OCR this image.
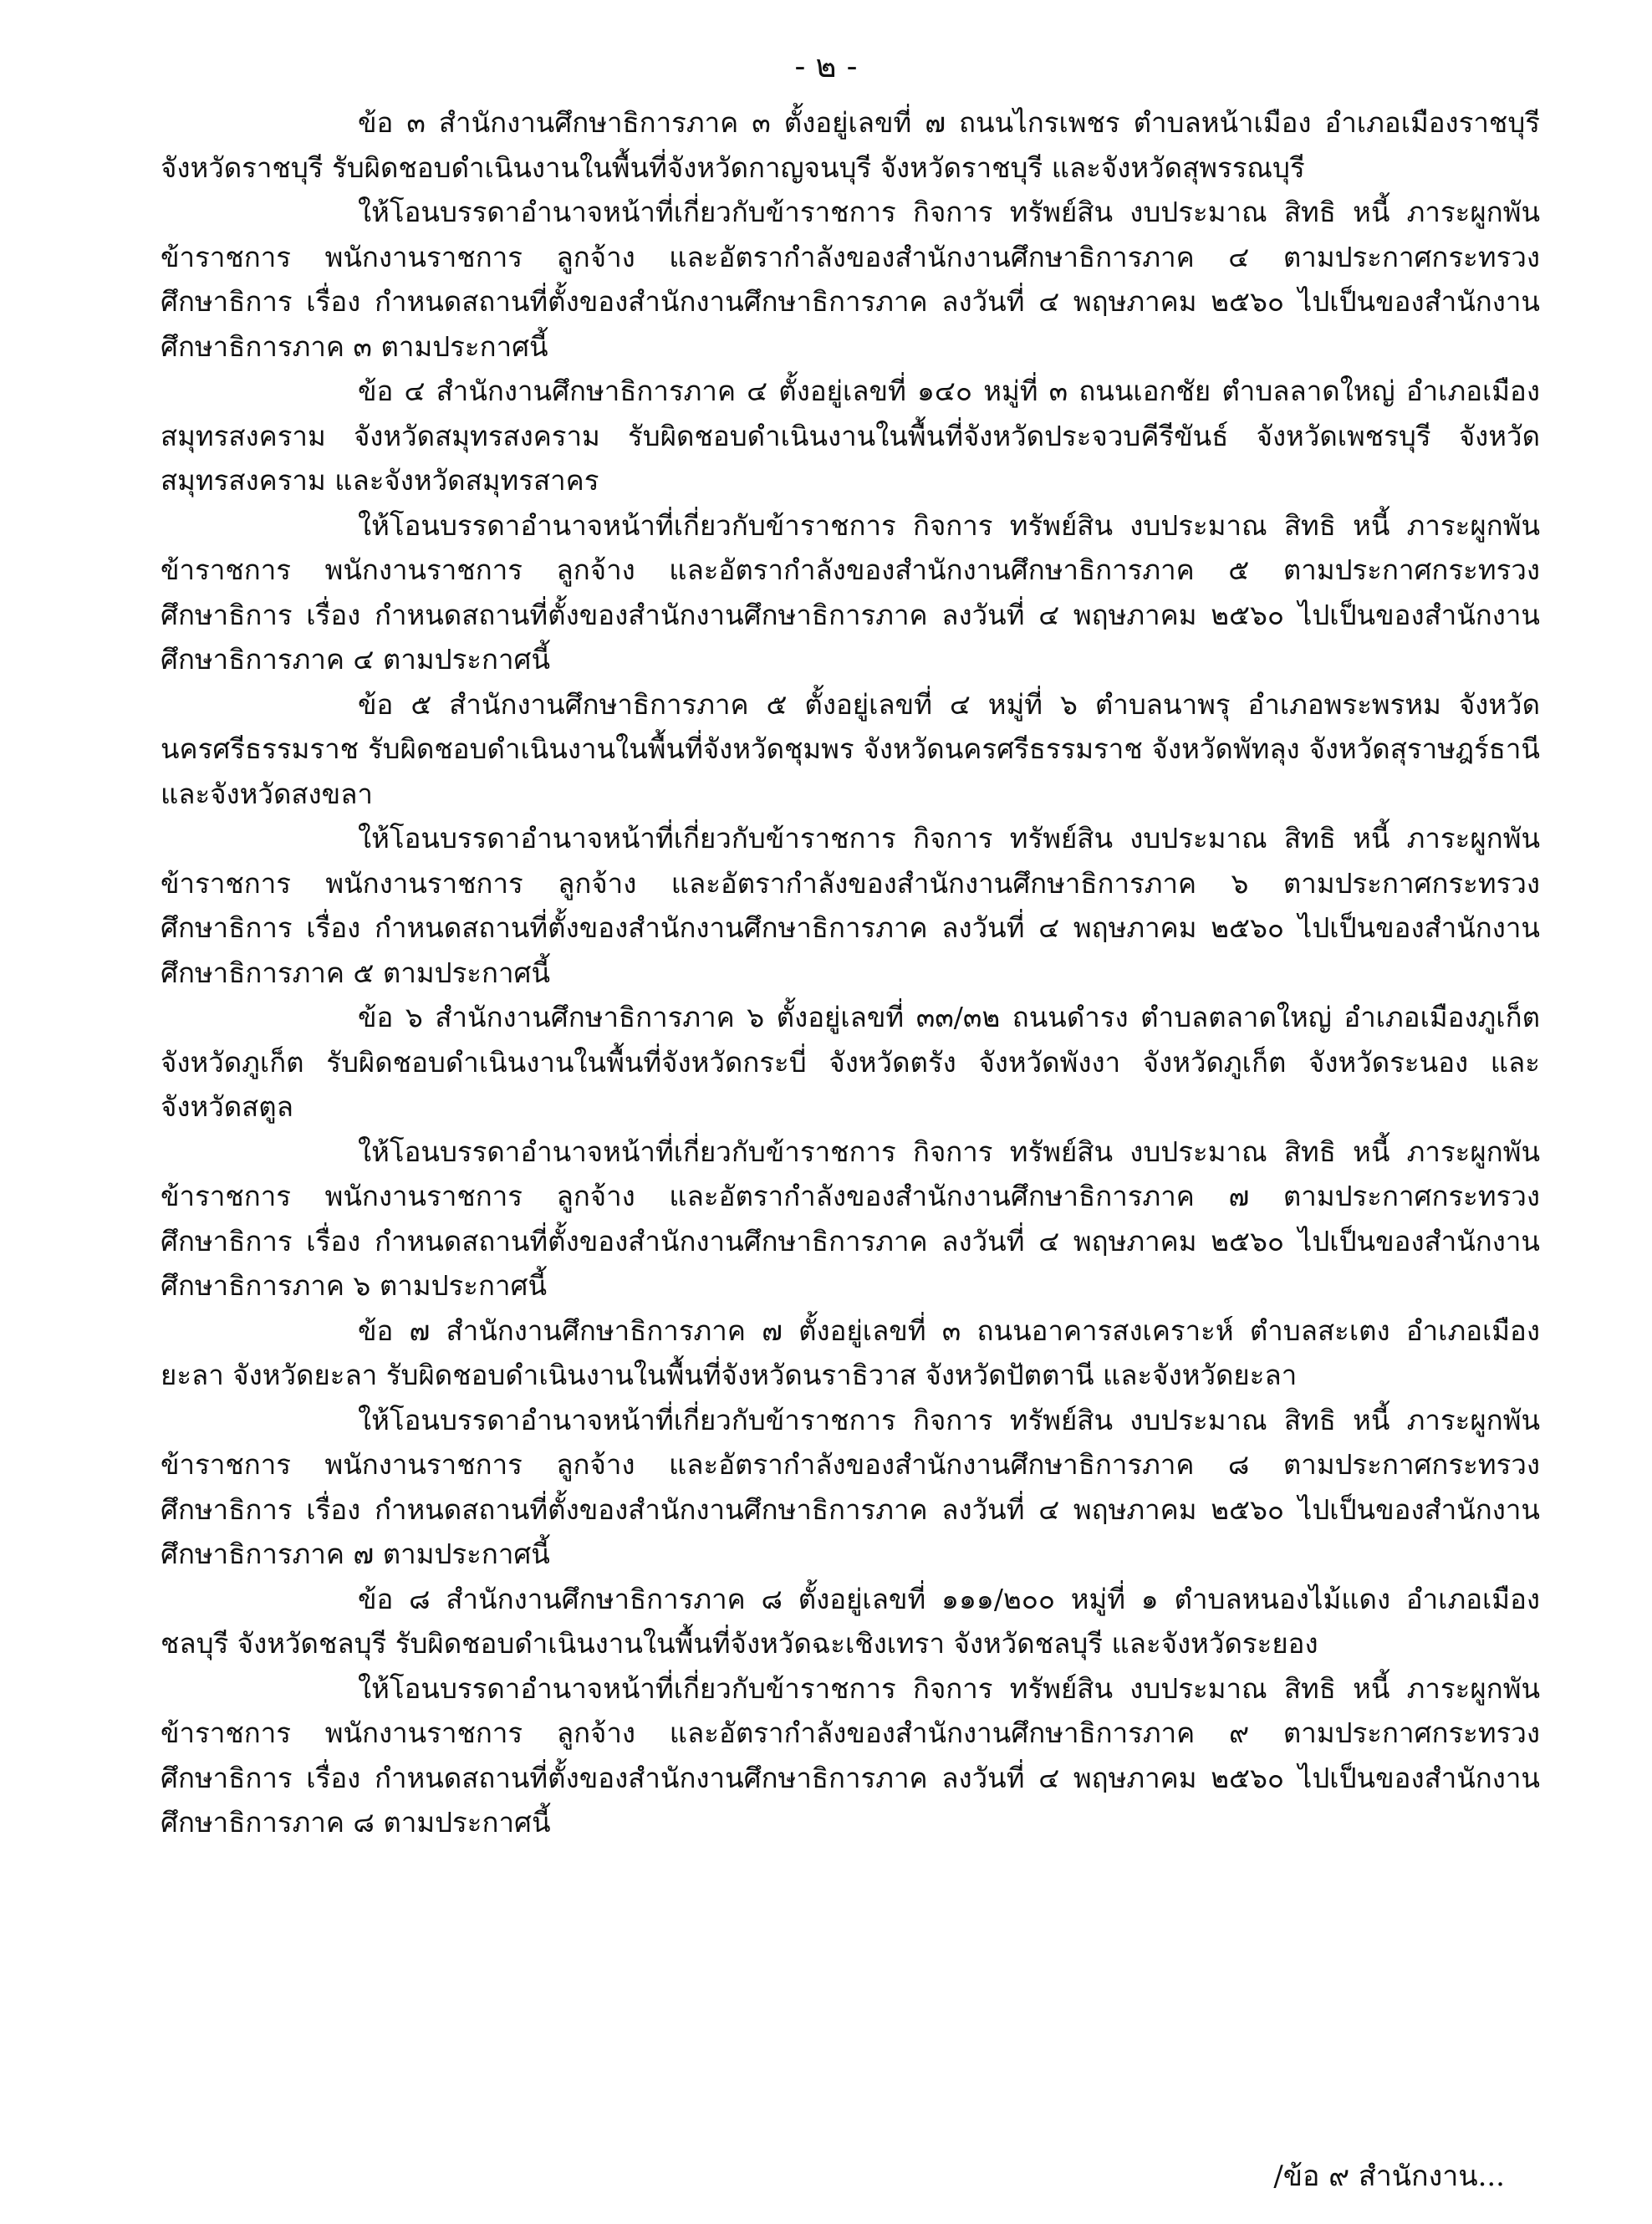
- ๒ -

ข้อ ๓ สำนักงานศึกษาธิการภาค ๓ ตั้งอยู่เลขที่ ๗ ถนนไกรเพชร ตำบลหน้าเมือง อำเภอเมืองราชบุรี จังหวัดราชบุรี รับผิดชอบดำเนินงานในพื้นที่จังหวัดกาญจนบุรี จังหวัดราชบุรี และจังหวัดสุพรรณบุรี

ให้โอนบรรดาอำนาจหน้าที่เกี่ยวกับข้าราชการ กิจการ ทรัพย์สิน งบประมาณ สิทธิ หนี้ ภาระผูกพัน ข้าราชการ พนักงานราชการ ลูกจ้าง และอัตรากำลังของสำนักงานศึกษาธิการภาค ๔ ตามประกาศกระทรวงศึกษาธิการ เรื่อง กำหนดสถานที่ตั้งของสำนักงานศึกษาธิการภาค ลงวันที่ ๔ พฤษภาคม ๒๕๖๐ ไปเป็นของสำนักงานศึกษาธิการภาค ๓ ตามประกาศนี้

ข้อ ๔ สำนักงานศึกษาธิการภาค ๔ ตั้งอยู่เลขที่ ๑๔๐ หมู่ที่ ๓ ถนนเอกชัย ตำบลลาดใหญ่ อำเภอเมืองสมุทรสงคราม จังหวัดสมุทรสงคราม รับผิดชอบดำเนินงานในพื้นที่จังหวัดประจวบคีรีขันธ์ จังหวัดเพชรบุรี จังหวัดสมุทรสงคราม และจังหวัดสมุทรสาคร

ให้โอนบรรดาอำนาจหน้าที่เกี่ยวกับข้าราชการ กิจการ ทรัพย์สิน งบประมาณ สิทธิ หนี้ ภาระผูกพัน ข้าราชการ พนักงานราชการ ลูกจ้าง และอัตรากำลังของสำนักงานศึกษาธิการภาค ๕ ตามประกาศกระทรวงศึกษาธิการ เรื่อง กำหนดสถานที่ตั้งของสำนักงานศึกษาธิการภาค ลงวันที่ ๔ พฤษภาคม ๒๕๖๐ ไปเป็นของสำนักงานศึกษาธิการภาค ๔ ตามประกาศนี้

ข้อ ๕ สำนักงานศึกษาธิการภาค ๕ ตั้งอยู่เลขที่ ๔ หมู่ที่ ๖ ตำบลนาพรุ อำเภอพระพรหม จังหวัดนครศรีธรรมราช รับผิดชอบดำเนินงานในพื้นที่จังหวัดชุมพร จังหวัดนครศรีธรรมราช จังหวัดพัทลุง จังหวัดสุราษฎร์ธานี และจังหวัดสงขลา

ให้โอนบรรดาอำนาจหน้าที่เกี่ยวกับข้าราชการ กิจการ ทรัพย์สิน งบประมาณ สิทธิ หนี้ ภาระผูกพัน ข้าราชการ พนักงานราชการ ลูกจ้าง และอัตรากำลังของสำนักงานศึกษาธิการภาค ๖ ตามประกาศกระทรวงศึกษาธิการ เรื่อง กำหนดสถานที่ตั้งของสำนักงานศึกษาธิการภาค ลงวันที่ ๔ พฤษภาคม ๒๕๖๐ ไปเป็นของสำนักงานศึกษาธิการภาค ๕ ตามประกาศนี้

ข้อ ๖ สำนักงานศึกษาธิการภาค ๖ ตั้งอยู่เลขที่ ๓๓/๓๒ ถนนดำรง ตำบลตลาดใหญ่ อำเภอเมืองภูเก็ต จังหวัดภูเก็ต รับผิดชอบดำเนินงานในพื้นที่จังหวัดกระบี่ จังหวัดตรัง จังหวัดพังงา จังหวัดภูเก็ต จังหวัดระนอง และจังหวัดสตูล

ให้โอนบรรดาอำนาจหน้าที่เกี่ยวกับข้าราชการ กิจการ ทรัพย์สิน งบประมาณ สิทธิ หนี้ ภาระผูกพัน ข้าราชการ พนักงานราชการ ลูกจ้าง และอัตรากำลังของสำนักงานศึกษาธิการภาค ๗ ตามประกาศกระทรวงศึกษาธิการ เรื่อง กำหนดสถานที่ตั้งของสำนักงานศึกษาธิการภาค ลงวันที่ ๔ พฤษภาคม ๒๕๖๐ ไปเป็นของสำนักงานศึกษาธิการภาค ๖ ตามประกาศนี้

ข้อ ๗ สำนักงานศึกษาธิการภาค ๗ ตั้งอยู่เลขที่ ๓ ถนนอาคารสงเคราะห์ ตำบลสะเตง อำเภอเมืองยะลา จังหวัดยะลา รับผิดชอบดำเนินงานในพื้นที่จังหวัดนราธิวาส จังหวัดปัตตานี และจังหวัดยะลา

ให้โอนบรรดาอำนาจหน้าที่เกี่ยวกับข้าราชการ กิจการ ทรัพย์สิน งบประมาณ สิทธิ หนี้ ภาระผูกพัน ข้าราชการ พนักงานราชการ ลูกจ้าง และอัตรากำลังของสำนักงานศึกษาธิการภาค ๘ ตามประกาศกระทรวงศึกษาธิการ เรื่อง กำหนดสถานที่ตั้งของสำนักงานศึกษาธิการภาค ลงวันที่ ๔ พฤษภาคม ๒๕๖๐ ไปเป็นของสำนักงานศึกษาธิการภาค ๗ ตามประกาศนี้

ข้อ ๘ สำนักงานศึกษาธิการภาค ๘ ตั้งอยู่เลขที่ ๑๑๑/๒๐๐ หมู่ที่ ๑ ตำบลหนองไม้แดง อำเภอเมืองชลบุรี จังหวัดชลบุรี รับผิดชอบดำเนินงานในพื้นที่จังหวัดฉะเชิงเทรา จังหวัดชลบุรี และจังหวัดระยอง

ให้โอนบรรดาอำนาจหน้าที่เกี่ยวกับข้าราชการ กิจการ ทรัพย์สิน งบประมาณ สิทธิ หนี้ ภาระผูกพัน ข้าราชการ พนักงานราชการ ลูกจ้าง และอัตรากำลังของสำนักงานศึกษาธิการภาค ๙ ตามประกาศกระทรวงศึกษาธิการ เรื่อง กำหนดสถานที่ตั้งของสำนักงานศึกษาธิการภาค ลงวันที่ ๔ พฤษภาคม ๒๕๖๐ ไปเป็นของสำนักงานศึกษาธิการภาค ๘ ตามประกาศนี้

/ข้อ ๙ สำนักงาน...
